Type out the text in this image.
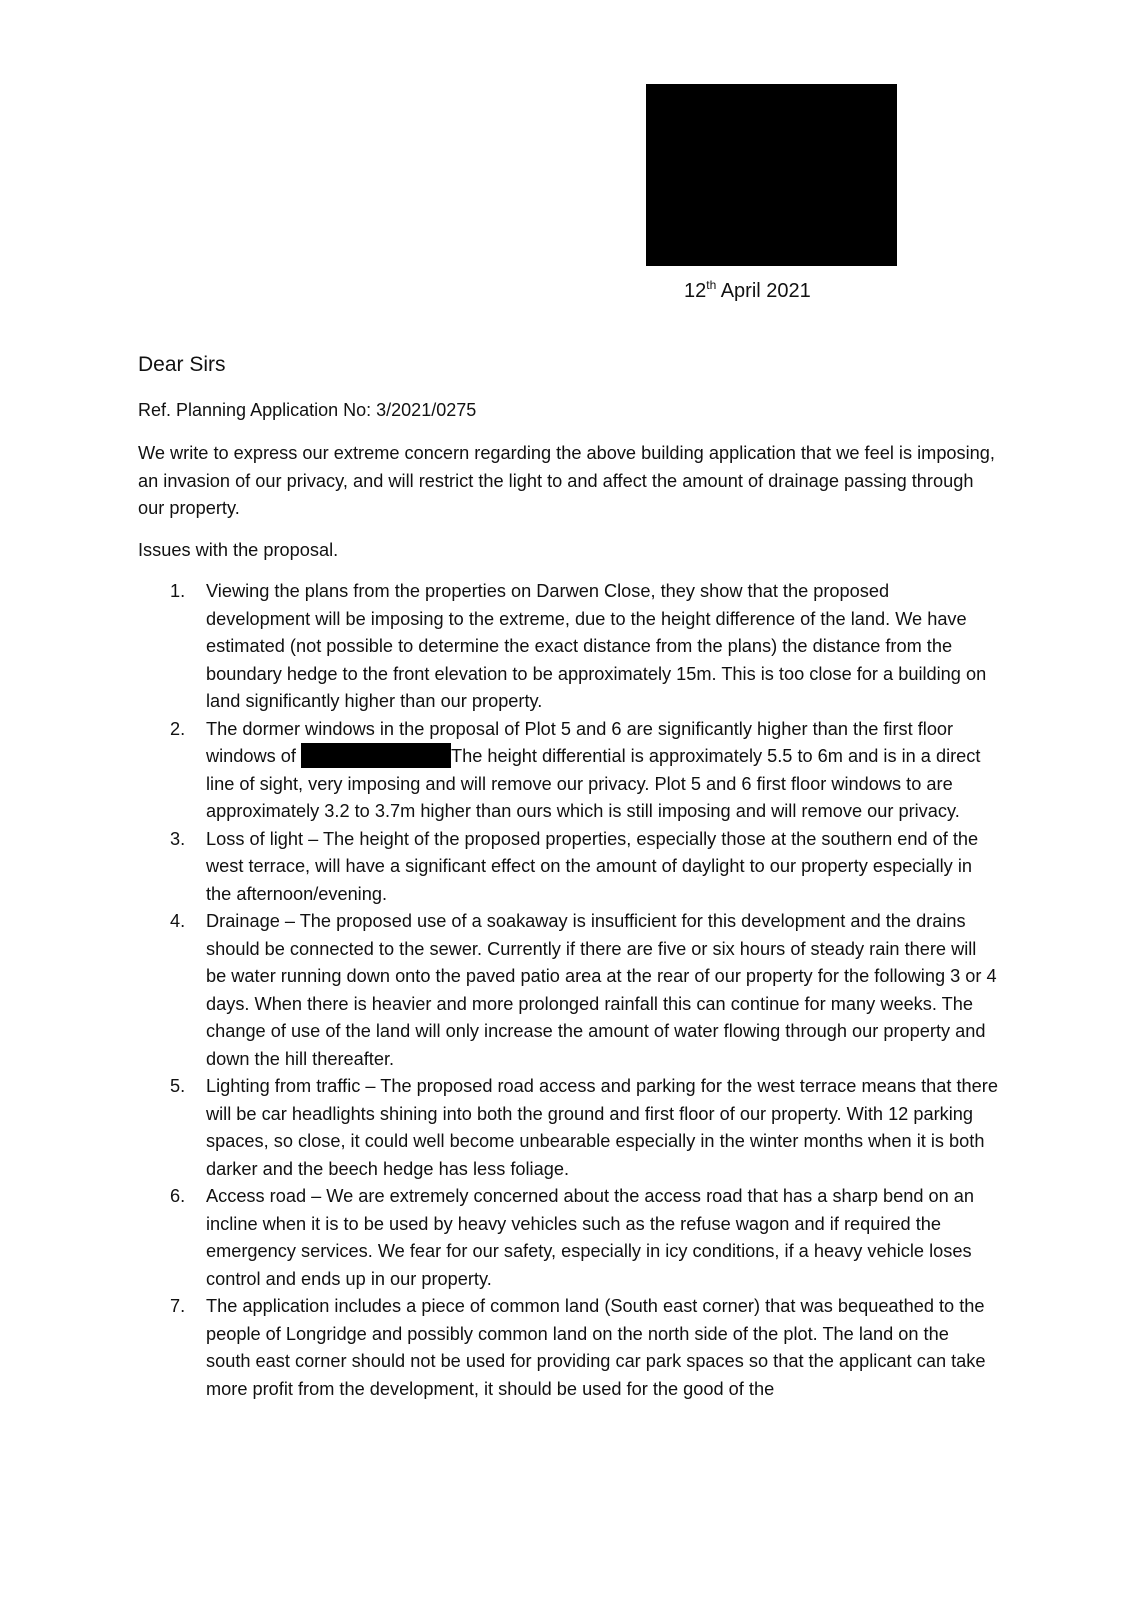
12th April 2021
Dear Sirs
Ref. Planning Application No: 3/2021/0275

We write to express our extreme concern regarding the above building application that we feel is imposing, an invasion of our privacy, and will restrict the light to and affect the amount of drainage passing through our property.

Issues with the proposal.

1. Viewing the plans from the properties on Darwen Close, they show that the proposed development will be imposing to the extreme, due to the height difference of the land. We have estimated (not possible to determine the exact distance from the plans) the distance from the boundary hedge to the front elevation to be approximately 15m. This is too close for a building on land significantly higher than our property.
2. The dormer windows in the proposal of Plot 5 and 6 are significantly higher than the first floor windows of	The height differential is approximately 5.5 to 6m and is in a direct line of sight, very imposing and will remove our privacy. Plot 5 and 6 first floor windows to are approximately 3.2 to 3.7m higher than ours which is still imposing and will remove our privacy.
3. Loss of light – The height of the proposed properties, especially those at the southern end of the west terrace, will have a significant effect on the amount of daylight to our property especially in the afternoon/evening.
4. Drainage – The proposed use of a soakaway is insufficient for this development and the drains should be connected to the sewer. Currently if there are five or six hours of steady rain there will be water running down onto the paved patio area at the rear of our property for the following 3 or 4 days. When there is heavier and more prolonged rainfall this can continue for many weeks. The change of use of the land will only increase the amount of water flowing through our property and down the hill thereafter.
5. Lighting from traffic – The proposed road access and parking for the west terrace means that there will be car headlights shining into both the ground and first floor of our property. With 12 parking spaces, so close, it could well become unbearable especially in the winter months when it is both darker and the beech hedge has less foliage.
6. Access road – We are extremely concerned about the access road that has a sharp bend on an incline when it is to be used by heavy vehicles such as the refuse wagon and if required the emergency services. We fear for our safety, especially in icy conditions, if a heavy vehicle loses control and ends up in our property.
7. The application includes a piece of common land (South east corner) that was bequeathed to the people of Longridge and possibly common land on the north side of the plot. The land on the south east corner should not be used for providing car park spaces so that the applicant can take more profit from the development, it should be used for the good of the
